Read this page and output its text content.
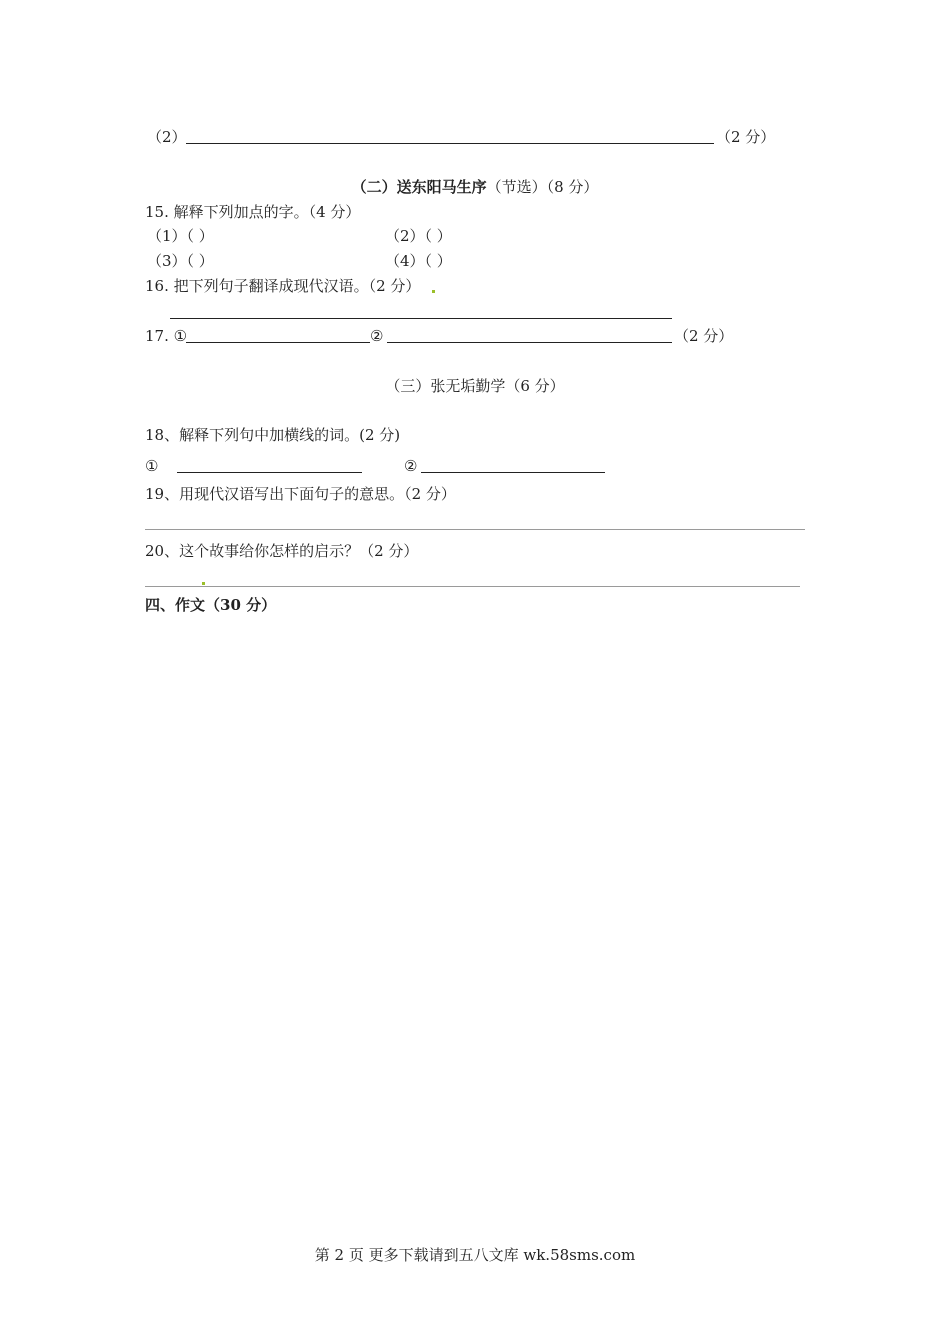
（2）	（2 分）
（二）送东阳马生序（节选）（8 分）
15. 解释下列加点的字。（4 分）
（1）（ ）	（2）（ ）
（3）（ ）	（4）（ ）
16. 把下列句子翻译成现代汉语。（2 分）
17. ①	②	（2 分）
（三）张无垢勤学（6 分）
18、解释下列句中加横线的词。(2 分)
①	②
19、用现代汉语写出下面句子的意思。（2 分）
20、这个故事给你怎样的启示？（2 分）
四、作文（30 分）
第 2 页 更多下载请到五八文库 wk.58sms.com
